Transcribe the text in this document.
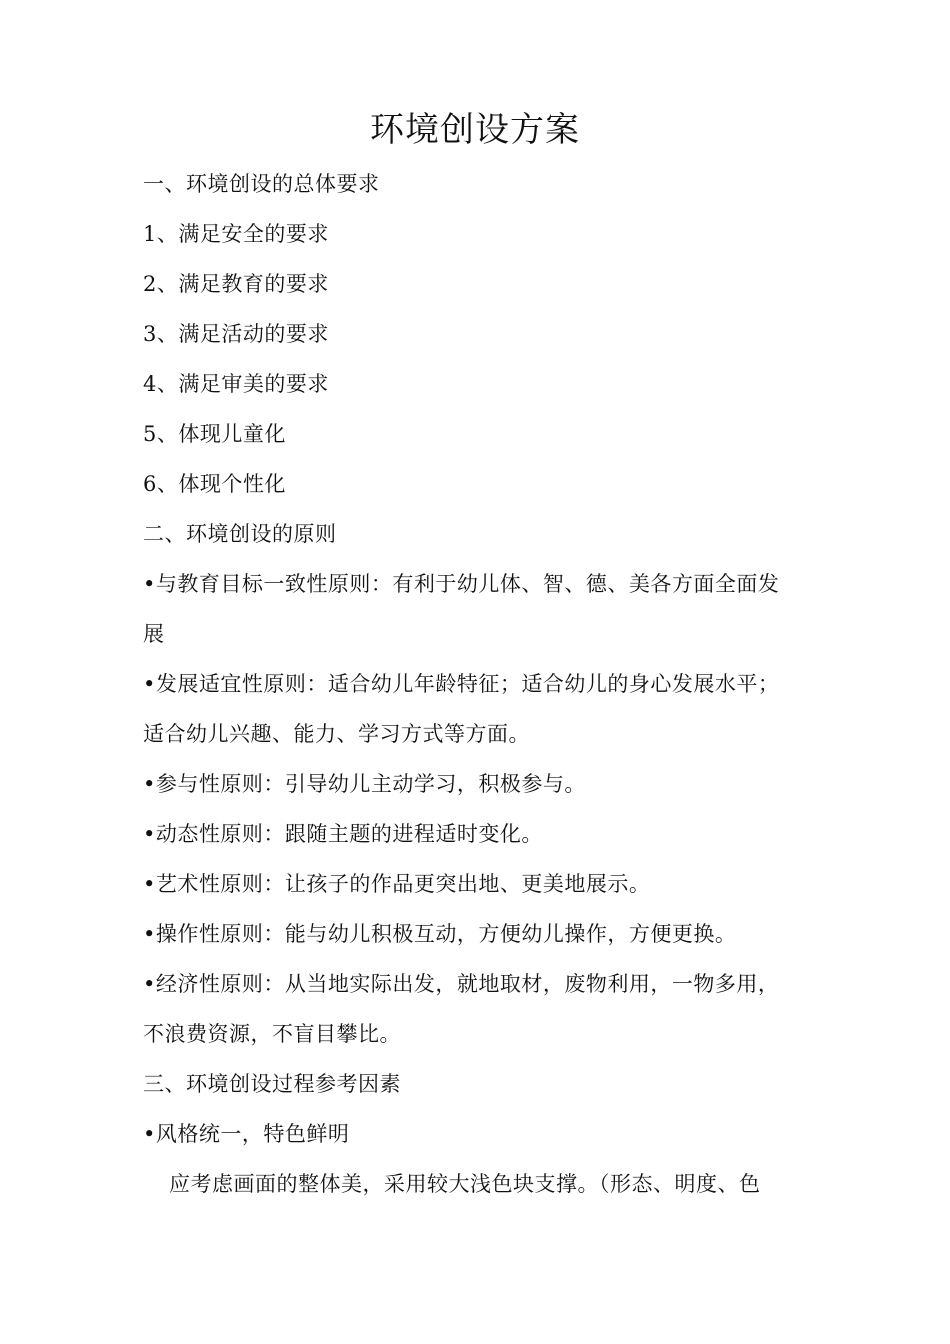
环境创设方案
一、环境创设的总体要求
1、满足安全的要求
2、满足教育的要求
3、满足活动的要求
4、满足审美的要求
5、体现儿童化
6、体现个性化
二、环境创设的原则
•与教育目标一致性原则：有利于幼儿体、智、德、美各方面全面发
展
•发展适宜性原则：适合幼儿年龄特征；适合幼儿的身心发展水平；
适合幼儿兴趣、能力、学习方式等方面。
•参与性原则：引导幼儿主动学习，积极参与。
•动态性原则：跟随主题的进程适时变化。
•艺术性原则：让孩子的作品更突出地、更美地展示。
•操作性原则：能与幼儿积极互动，方便幼儿操作，方便更换。
•经济性原则：从当地实际出发，就地取材，废物利用，一物多用，
不浪费资源，不盲目攀比。
三、环境创设过程参考因素
•风格统一，特色鲜明
应考虑画面的整体美，采用较大浅色块支撑。（形态、明度、色
